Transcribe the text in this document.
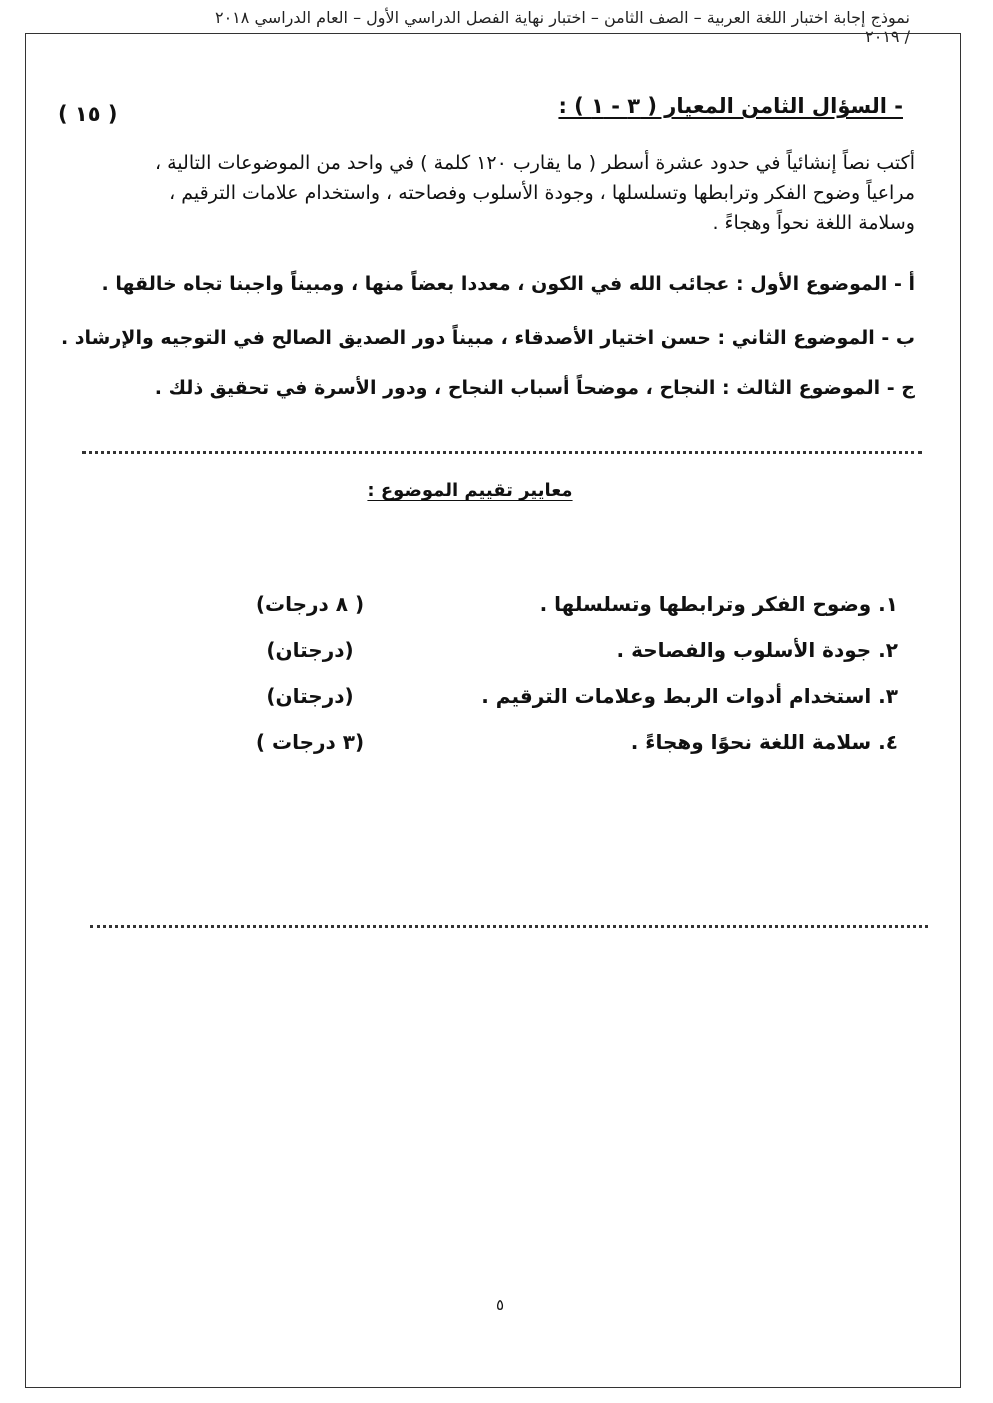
نموذج إجابة اختبار اللغة العربية – الصف الثامن – اختبار نهاية الفصل الدراسي الأول – العام الدراسي ٢٠١٨ / ٢٠١٩
- السؤال الثامن المعيار ( ٣ - ١ ) :
( ١٥ )

أكتب نصاً إنشائياً في حدود عشرة أسطر ( ما يقارب ١٢٠ كلمة ) في واحد من الموضوعات التالية ،

مراعياً وضوح الفكر وترابطها وتسلسلها ، وجودة الأسلوب وفصاحته ، واستخدام علامات الترقيم ،

وسلامة اللغة نحواً وهجاءً .

أ - الموضوع الأول : عجائب الله في الكون ، معددا بعضاً منها ، ومبيناً واجبنا تجاه خالقها .
ب - الموضوع الثاني : حسن اختيار الأصدقاء ، مبيناً دور الصديق الصالح في التوجيه والإرشاد .
ج - الموضوع الثالث : النجاح ، موضحاً أسباب النجاح ، ودور الأسرة في تحقيق ذلك .
معايير تقييم الموضوع :
١. وضوح الفكر وترابطها وتسلسلها .
( ٨ درجات)
٢. جودة الأسلوب والفصاحة .
(درجتان)
٣. استخدام أدوات الربط وعلامات الترقيم .
(درجتان)
٤. سلامة اللغة نحوًا وهجاءً .
(٣ درجات )
٥
